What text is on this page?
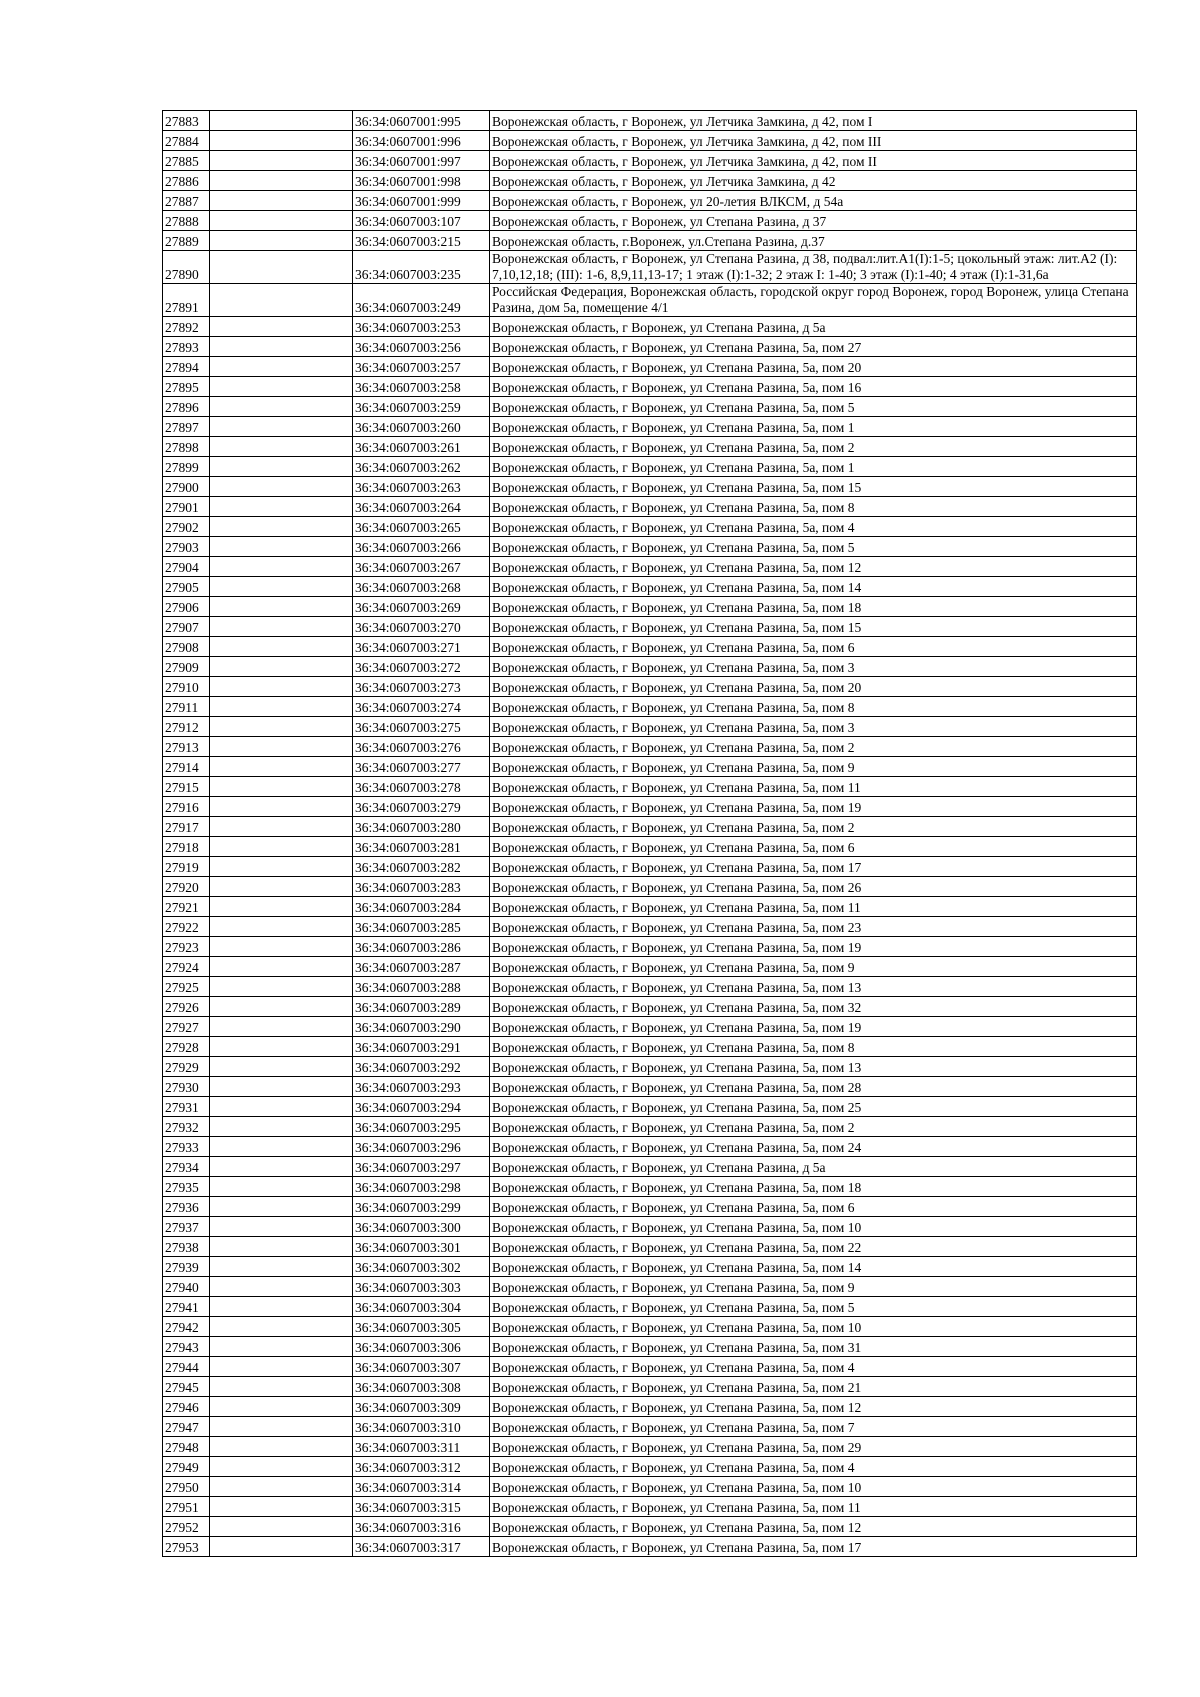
27883		36:34:0607001:995	Воронежская область, г Воронеж, ул Летчика Замкина, д 42, пом I
27884		36:34:0607001:996	Воронежская область, г Воронеж, ул Летчика Замкина, д 42, пом III
27885		36:34:0607001:997	Воронежская область, г Воронеж, ул Летчика Замкина, д 42, пом II
27886		36:34:0607001:998	Воронежская область, г Воронеж, ул Летчика Замкина, д 42
27887		36:34:0607001:999	Воронежская область, г Воронеж, ул 20-летия ВЛКСМ, д 54а
27888		36:34:0607003:107	Воронежская область, г Воронеж, ул Степана Разина, д 37
27889		36:34:0607003:215	Воронежская область, г.Воронеж, ул.Степана Разина, д.37
27890		36:34:0607003:235	Воронежская область, г Воронеж, ул Степана Разина, д 38, подвал:лит.А1(I):1-5; цокольный этаж: лит.А2 (I): 7,10,12,18; (III): 1-6, 8,9,11,13-17; 1 этаж (I):1-32; 2 этаж I: 1-40; 3 этаж (I):1-40; 4 этаж (I):1-31,6а
27891		36:34:0607003:249	Российская Федерация, Воронежская область, городской округ город Воронеж, город Воронеж, улица Степана Разина, дом 5а, помещение 4/1
27892		36:34:0607003:253	Воронежская область, г Воронеж, ул Степана Разина, д 5а
27893		36:34:0607003:256	Воронежская область, г Воронеж, ул Степана Разина, 5а, пом 27
27894		36:34:0607003:257	Воронежская область, г Воронеж, ул Степана Разина, 5а, пом 20
27895		36:34:0607003:258	Воронежская область, г Воронеж, ул Степана Разина, 5а, пом 16
27896		36:34:0607003:259	Воронежская область, г Воронеж, ул Степана Разина, 5а, пом 5
27897		36:34:0607003:260	Воронежская область, г Воронеж, ул Степана Разина, 5а, пом 1
27898		36:34:0607003:261	Воронежская область, г Воронеж, ул Степана Разина, 5а, пом 2
27899		36:34:0607003:262	Воронежская область, г Воронеж, ул Степана Разина, 5а, пом 1
27900		36:34:0607003:263	Воронежская область, г Воронеж, ул Степана Разина, 5а, пом 15
27901		36:34:0607003:264	Воронежская область, г Воронеж, ул Степана Разина, 5а, пом 8
27902		36:34:0607003:265	Воронежская область, г Воронеж, ул Степана Разина, 5а, пом 4
27903		36:34:0607003:266	Воронежская область, г Воронеж, ул Степана Разина, 5а, пом 5
27904		36:34:0607003:267	Воронежская область, г Воронеж, ул Степана Разина, 5а, пом 12
27905		36:34:0607003:268	Воронежская область, г Воронеж, ул Степана Разина, 5а, пом 14
27906		36:34:0607003:269	Воронежская область, г Воронеж, ул Степана Разина, 5а, пом 18
27907		36:34:0607003:270	Воронежская область, г Воронеж, ул Степана Разина, 5а, пом 15
27908		36:34:0607003:271	Воронежская область, г Воронеж, ул Степана Разина, 5а, пом 6
27909		36:34:0607003:272	Воронежская область, г Воронеж, ул Степана Разина, 5а, пом 3
27910		36:34:0607003:273	Воронежская область, г Воронеж, ул Степана Разина, 5а, пом 20
27911		36:34:0607003:274	Воронежская область, г Воронеж, ул Степана Разина, 5а, пом 8
27912		36:34:0607003:275	Воронежская область, г Воронеж, ул Степана Разина, 5а, пом 3
27913		36:34:0607003:276	Воронежская область, г Воронеж, ул Степана Разина, 5а, пом 2
27914		36:34:0607003:277	Воронежская область, г Воронеж, ул Степана Разина, 5а, пом 9
27915		36:34:0607003:278	Воронежская область, г Воронеж, ул Степана Разина, 5а, пом 11
27916		36:34:0607003:279	Воронежская область, г Воронеж, ул Степана Разина, 5а, пом 19
27917		36:34:0607003:280	Воронежская область, г Воронеж, ул Степана Разина, 5а, пом 2
27918		36:34:0607003:281	Воронежская область, г Воронеж, ул Степана Разина, 5а, пом 6
27919		36:34:0607003:282	Воронежская область, г Воронеж, ул Степана Разина, 5а, пом 17
27920		36:34:0607003:283	Воронежская область, г Воронеж, ул Степана Разина, 5а, пом 26
27921		36:34:0607003:284	Воронежская область, г Воронеж, ул Степана Разина, 5а, пом 11
27922		36:34:0607003:285	Воронежская область, г Воронеж, ул Степана Разина, 5а, пом 23
27923		36:34:0607003:286	Воронежская область, г Воронеж, ул Степана Разина, 5а, пом 19
27924		36:34:0607003:287	Воронежская область, г Воронеж, ул Степана Разина, 5а, пом 9
27925		36:34:0607003:288	Воронежская область, г Воронеж, ул Степана Разина, 5а, пом 13
27926		36:34:0607003:289	Воронежская область, г Воронеж, ул Степана Разина, 5а, пом 32
27927		36:34:0607003:290	Воронежская область, г Воронеж, ул Степана Разина, 5а, пом 19
27928		36:34:0607003:291	Воронежская область, г Воронеж, ул Степана Разина, 5а, пом 8
27929		36:34:0607003:292	Воронежская область, г Воронеж, ул Степана Разина, 5а, пом 13
27930		36:34:0607003:293	Воронежская область, г Воронеж, ул Степана Разина, 5а, пом 28
27931		36:34:0607003:294	Воронежская область, г Воронеж, ул Степана Разина, 5а, пом 25
27932		36:34:0607003:295	Воронежская область, г Воронеж, ул Степана Разина, 5а, пом 2
27933		36:34:0607003:296	Воронежская область, г Воронеж, ул Степана Разина, 5а, пом 24
27934		36:34:0607003:297	Воронежская область, г Воронеж, ул Степана Разина, д 5а
27935		36:34:0607003:298	Воронежская область, г Воронеж, ул Степана Разина, 5а, пом 18
27936		36:34:0607003:299	Воронежская область, г Воронеж, ул Степана Разина, 5а, пом 6
27937		36:34:0607003:300	Воронежская область, г Воронеж, ул Степана Разина, 5а, пом 10
27938		36:34:0607003:301	Воронежская область, г Воронеж, ул Степана Разина, 5а, пом 22
27939		36:34:0607003:302	Воронежская область, г Воронеж, ул Степана Разина, 5а, пом 14
27940		36:34:0607003:303	Воронежская область, г Воронеж, ул Степана Разина, 5а, пом 9
27941		36:34:0607003:304	Воронежская область, г Воронеж, ул Степана Разина, 5а, пом 5
27942		36:34:0607003:305	Воронежская область, г Воронеж, ул Степана Разина, 5а, пом 10
27943		36:34:0607003:306	Воронежская область, г Воронеж, ул Степана Разина, 5а, пом 31
27944		36:34:0607003:307	Воронежская область, г Воронеж, ул Степана Разина, 5а, пом 4
27945		36:34:0607003:308	Воронежская область, г Воронеж, ул Степана Разина, 5а, пом 21
27946		36:34:0607003:309	Воронежская область, г Воронеж, ул Степана Разина, 5а, пом 12
27947		36:34:0607003:310	Воронежская область, г Воронеж, ул Степана Разина, 5а, пом 7
27948		36:34:0607003:311	Воронежская область, г Воронеж, ул Степана Разина, 5а, пом 29
27949		36:34:0607003:312	Воронежская область, г Воронеж, ул Степана Разина, 5а, пом 4
27950		36:34:0607003:314	Воронежская область, г Воронеж, ул Степана Разина, 5а, пом 10
27951		36:34:0607003:315	Воронежская область, г Воронеж, ул Степана Разина, 5а, пом 11
27952		36:34:0607003:316	Воронежская область, г Воронеж, ул Степана Разина, 5а, пом 12
27953		36:34:0607003:317	Воронежская область, г Воронеж, ул Степана Разина, 5а, пом 17
